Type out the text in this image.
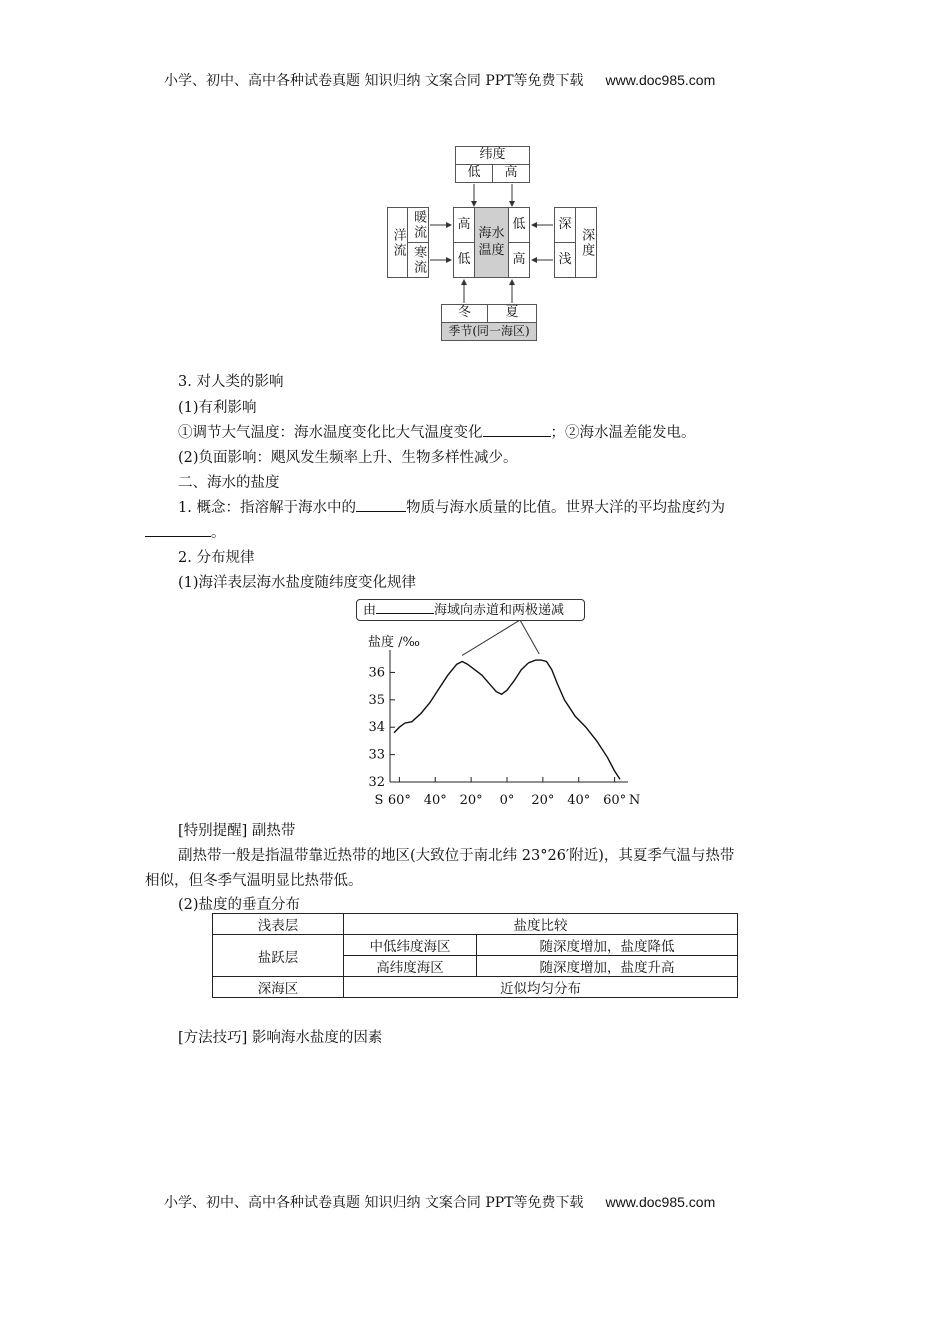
小学、初中、高中各种试卷真题 知识归纳 文案合同 PPT等免费下载 www.doc985.com
纬度
低	高
洋流
暖流
寒流
高
低
海水温度
低
高
深
浅
深度
冬	夏
季节(同一海区)
3. 对人类的影响
(1)有利影响
①调节大气温度：海水温度变化比大气温度变化	；②海水温差能发电。
(2)负面影响：飓风发生频率上升、生物多样性减少。
二、海水的盐度
1. 概念：指溶解于海水中的	物质与海水质量的比值。世界大洋的平均盐度约为
。
2. 分布规律
(1)海洋表层海水盐度随纬度变化规律
由	海域向赤道和两极递减
盐度 /‰
36
35
34
33
32
S 60° 40° 20° 0° 20° 40° 60° N
[特别提醒] 副热带
副热带一般是指温带靠近热带的地区(大致位于南北纬 23°26′附近)，其夏季气温与热带
相似，但冬季气温明显比热带低。
(2)盐度的垂直分布
浅表层	盐度比较	
盐跃层	中低纬度海区	随深度增加，盐度降低
	高纬度海区	随深度增加，盐度升高
深海区	近似均匀分布	
[方法技巧] 影响海水盐度的因素
小学、初中、高中各种试卷真题 知识归纳 文案合同 PPT等免费下载 www.doc985.com
